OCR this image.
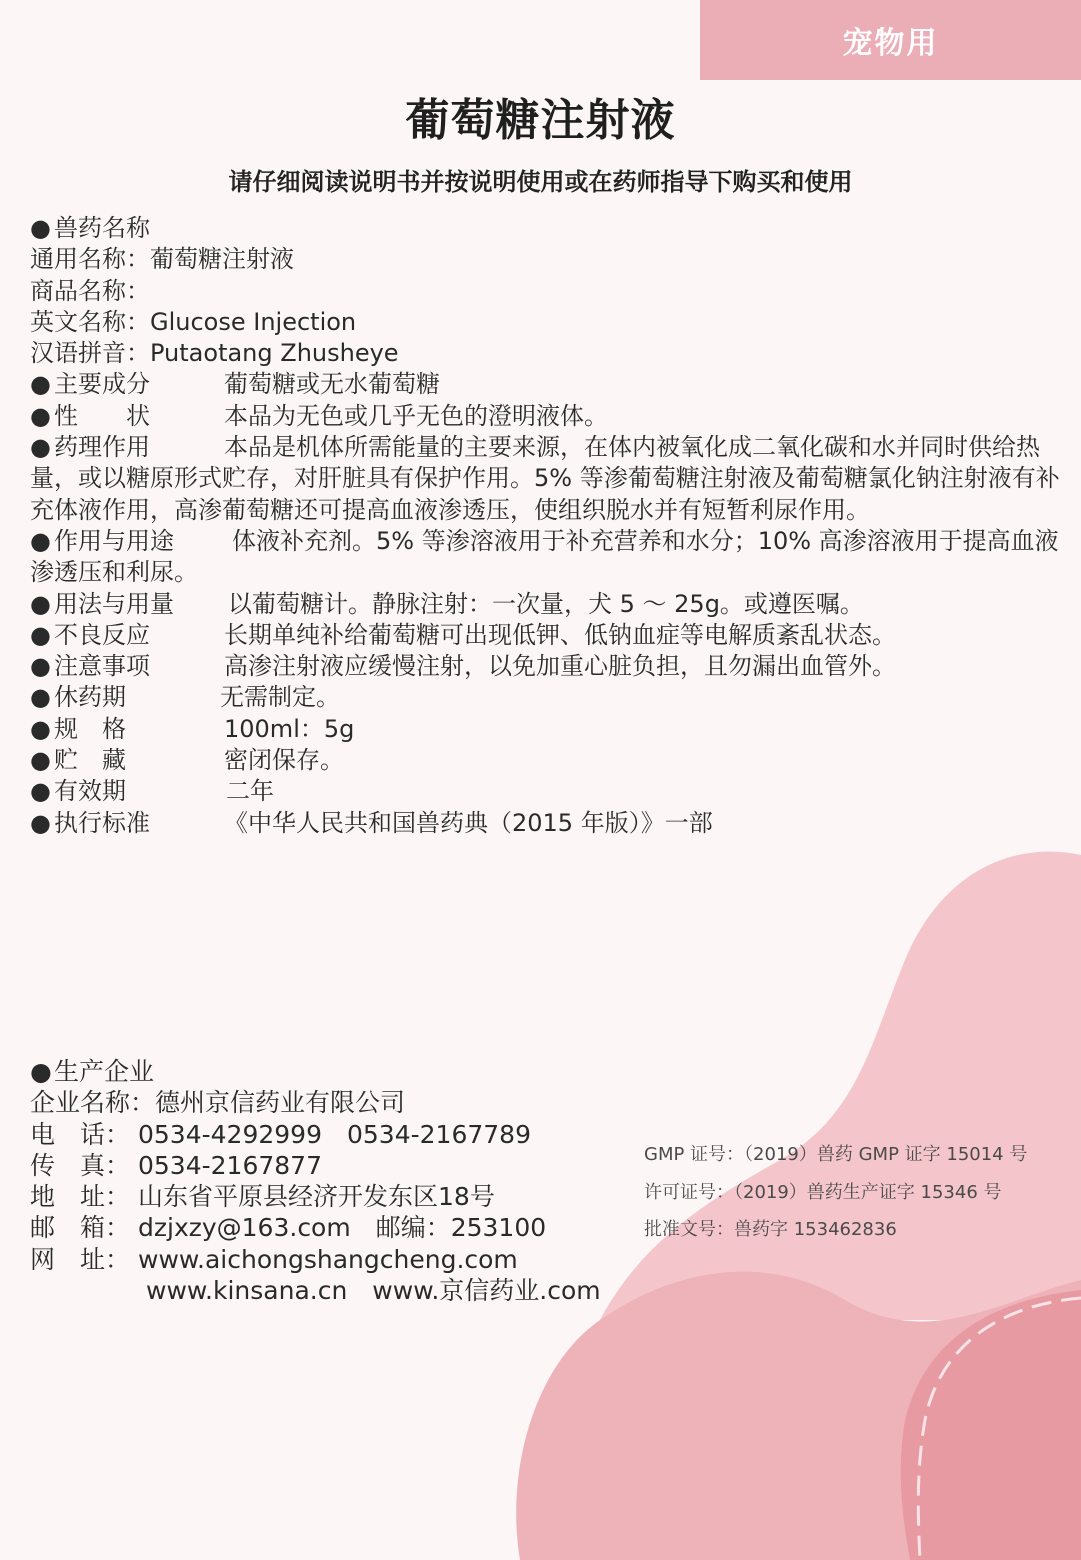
宠物用
葡萄糖注射液
请仔细阅读说明书并按说明使用或在药师指导下购买和使用
● 兽药名称
通用名称：葡萄糖注射液
商品名称：
英文名称：Glucose Injection
汉语拼音：Putaotang Zhusheye
● 主要成分	葡萄糖或无水葡萄糖
● 性　　状	本品为无色或几乎无色的澄明液体。
● 药理作用	本品是机体所需能量的主要来源，在体内被氧化成二氧化碳和水并同时供给热量，或以糖原形式贮存，对肝脏具有保护作用。5% 等渗葡萄糖注射液及葡萄糖氯化钠注射液有补充体液作用，高渗葡萄糖还可提高血液渗透压，使组织脱水并有短暂利尿作用。
● 作用与用途 体液补充剂。5% 等渗溶液用于补充营养和水分；10% 高渗溶液用于提高血液渗透压和利尿。
● 用法与用量 以葡萄糖计。静脉注射：一次量，犬 5 ～ 25g。或遵医嘱。
● 不良反应	长期单纯补给葡萄糖可出现低钾、低钠血症等电解质紊乱状态。
● 注意事项	高渗注射液应缓慢注射，以免加重心脏负担，且勿漏出血管外。
● 休药期	无需制定。
● 规　格	100ml：5g
● 贮　藏	密闭保存。
● 有效期	二年
● 执行标准	《中华人民共和国兽药典（2015 年版）》一部
●生产企业
企业名称：德州京信药业有限公司
电　话： 0534-4292999　0534-2167789
传　真： 0534-2167877
地　址： 山东省平原县经济开发东区18号
邮　箱： dzjxzy@163.com　邮编：253100
网　址： www.aichongshangcheng.com
www.kinsana.cn　www.京信药业.com
GMP 证号：（2019）兽药 GMP 证字 15014 号
许可证号：（2019）兽药生产证字 15346 号
批准文号：兽药字 153462836
